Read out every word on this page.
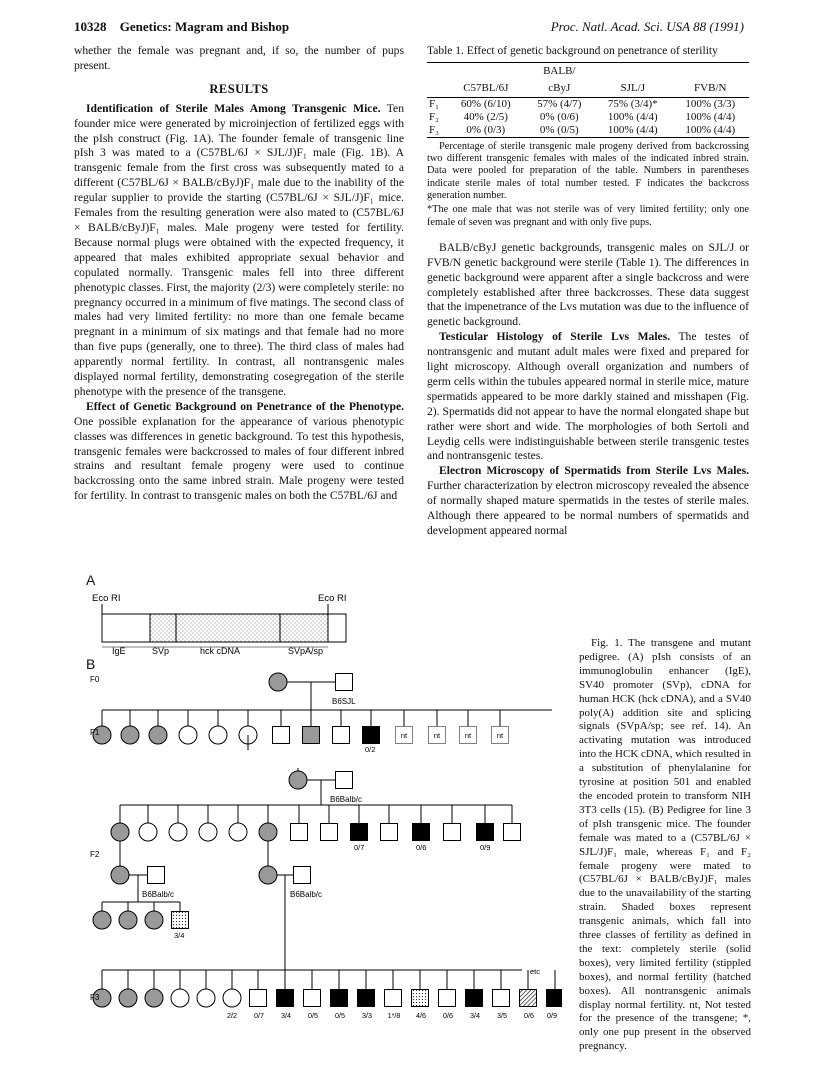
10328 Genetics: Magram and Bishop	Proc. Natl. Acad. Sci. USA 88 (1991)

whether the female was pregnant and, if so, the number of pups present.

RESULTS

Identification of Sterile Males Among Transgenic Mice. Ten founder mice were generated by microinjection of fertilized eggs with the pIsh construct (Fig. 1A). The founder female of transgenic line pIsh 3 was mated to a (C57BL/6J × SJL/J)F₁ male (Fig. 1B). A transgenic female from the first cross was subsequently mated to a different (C57BL/6J × BALB/cByJ)F₁ male due to the inability of the regular supplier to provide the starting (C57BL/6J × SJL/J)F₁ mice. Females from the resulting generation were also mated to (C57BL/6J × BALB/cByJ)F₁ males. Male progeny were tested for fertility. Because normal plugs were obtained with the expected frequency, it appeared that males exhibited appropriate sexual behavior and copulated normally. Transgenic males fell into three different phenotypic classes. First, the majority (2/3) were completely sterile: no pregnancy occurred in a minimum of five matings. The second class of males had very limited fertility: no more than one female became pregnant in a minimum of six matings and that female had no more than five pups (generally, one to three). The third class of males had apparently normal fertility. In contrast, all nontransgenic males displayed normal fertility, demonstrating cosegregation of the sterile phenotype with the presence of the transgene.

Effect of Genetic Background on Penetrance of the Phenotype. One possible explanation for the appearance of various phenotypic classes was differences in genetic background. To test this hypothesis, transgenic females were backcrossed to males of four different inbred strains and resultant female progeny were used to continue backcrossing onto the same inbred strain. Male progeny were tested for fertility. In contrast to transgenic males on both the C57BL/6J and

Table 1. Effect of genetic background on penetrance of sterility
		BALB/		
	C57BL/6J	cByJ	SJL/J	FVB/N
F₁	60% (6/10)	57% (4/7)	75% (3/4)*	100% (3/3)
F₂	40% (2/5)	0% (0/6)	100% (4/4)	100% (4/4)
F₃	0% (0/3)	0% (0/5)	100% (4/4)	100% (4/4)

Percentage of sterile transgenic male progeny derived from backcrossing two different transgenic females with males of the indicated inbred strain. Data were pooled for preparation of the table. Numbers in parentheses indicate sterile males of total number tested. F indicates the backcross generation number.

*The one male that was not sterile was of very limited fertility; only one female of seven was pregnant and with only five pups.

BALB/cByJ genetic backgrounds, transgenic males on SJL/J or FVB/N genetic background were sterile (Table 1). The differences in genetic background were apparent after a single backcross and were completely established after three backcrosses. These data suggest that the impenetrance of the Lvs mutation was due to the influence of genetic background.

Testicular Histology of Sterile Lvs Males. The testes of nontransgenic and mutant adult males were fixed and prepared for light microscopy. Although overall organization and numbers of germ cells within the tubules appeared normal in sterile mice, mature spermatids appeared to be more darkly stained and misshapen (Fig. 2). Spermatids did not appear to have the normal elongated shape but rather were short and wide. The morphologies of both Sertoli and Leydig cells were indistinguishable between sterile transgenic testes and nontransgenic testes.

Electron Microscopy of Spermatids from Sterile Lvs Males. Further characterization by electron microscopy revealed the absence of normally shaped mature spermatids in the testes of sterile males. Although there appeared to be normal numbers of spermatids and development appeared normal

A
B
Eco RI	Eco RI
IgE	SVp	hck cDNA	SVpA/sp
F0
F1
F2
F3
B6SJL
nt	nt	nt	nt
0/2
B6Balb/c
0/7	0/6	0/9
B6Balb/c
3/4
B6Balb/c
etc
2/2 0/7 3/4 0/5 0/5 3/3 1*/8 4/6 0/6 3/4 3/5 0/6 0/9

Fig. 1. The transgene and mutant pedigree. (A) pIsh consists of an immunoglobulin enhancer (IgE), SV40 promoter (SVp), cDNA for human HCK (hck cDNA), and a SV40 poly(A) addition site and splicing signals (SVpA/sp; see ref. 14). An activating mutation was introduced into the HCK cDNA, which resulted in a substitution of phenylalanine for tyrosine at position 501 and enabled the encoded protein to transform NIH 3T3 cells (15). (B) Pedigree for line 3 of pIsh transgenic mice. The founder female was mated to a (C57BL/6J × SJL/J)F₁ male, whereas F₁ and F₂ female progeny were mated to (C57BL/6J × BALB/cByJ)F₁ males due to the unavailability of the starting strain. Shaded boxes represent transgenic animals, which fall into three classes of fertility as defined in the text: completely sterile (solid boxes), very limited fertility (stippled boxes), and normal fertility (hatched boxes). All nontransgenic animals display normal fertility. nt, Not tested for the presence of the transgene; *, only one pup present in the observed pregnancy.
